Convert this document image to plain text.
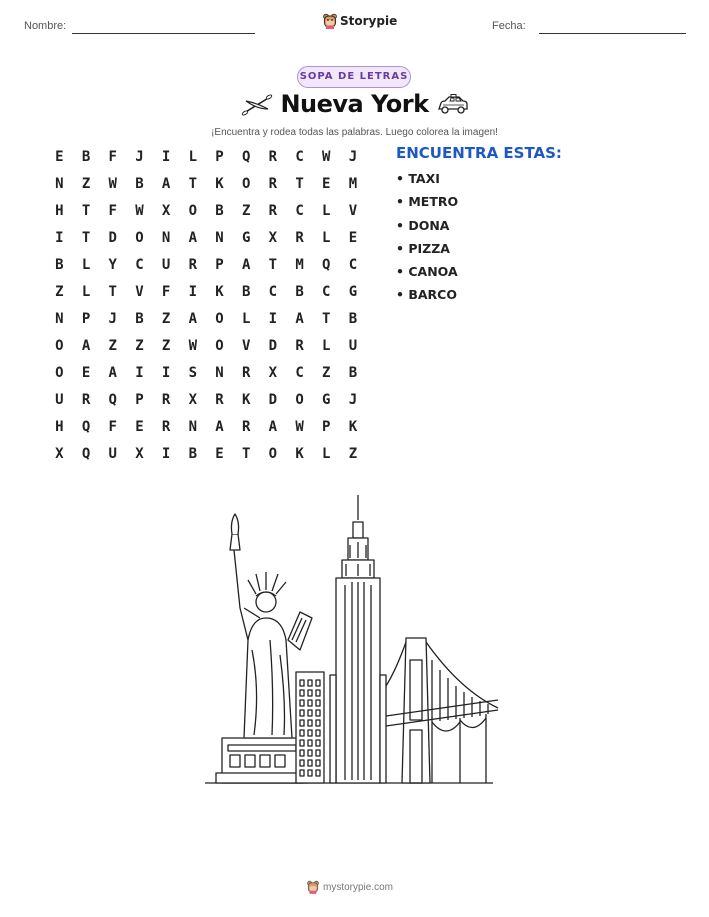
Nombre:	Storypie	Fecha:
SOPA DE LETRAS
Nueva York
¡Encuentra y rodea todas las palabras. Luego colorea la imagen!
E	B	F	J	I	L	P	Q	R	C	W	J
N	Z	W	B	A	T	K	O	R	T	E	M
H	T	F	W	X	O	B	Z	R	C	L	V
I	T	D	O	N	A	N	G	X	R	L	E
B	L	Y	C	U	R	P	A	T	M	Q	C
Z	L	T	V	F	I	K	B	C	B	C	G
N	P	J	B	Z	A	O	L	I	A	T	B
O	A	Z	Z	Z	W	O	V	D	R	L	U
O	E	A	I	I	S	N	R	X	C	Z	B
U	R	Q	P	R	X	R	K	D	O	G	J
H	Q	F	E	R	N	A	R	A	W	P	K
X	Q	U	X	I	B	E	T	O	K	L	Z
ENCUENTRA ESTAS:
• TAXI
• METRO
• DONA
• PIZZA
• CANOA
• BARCO
mystorypie.com
